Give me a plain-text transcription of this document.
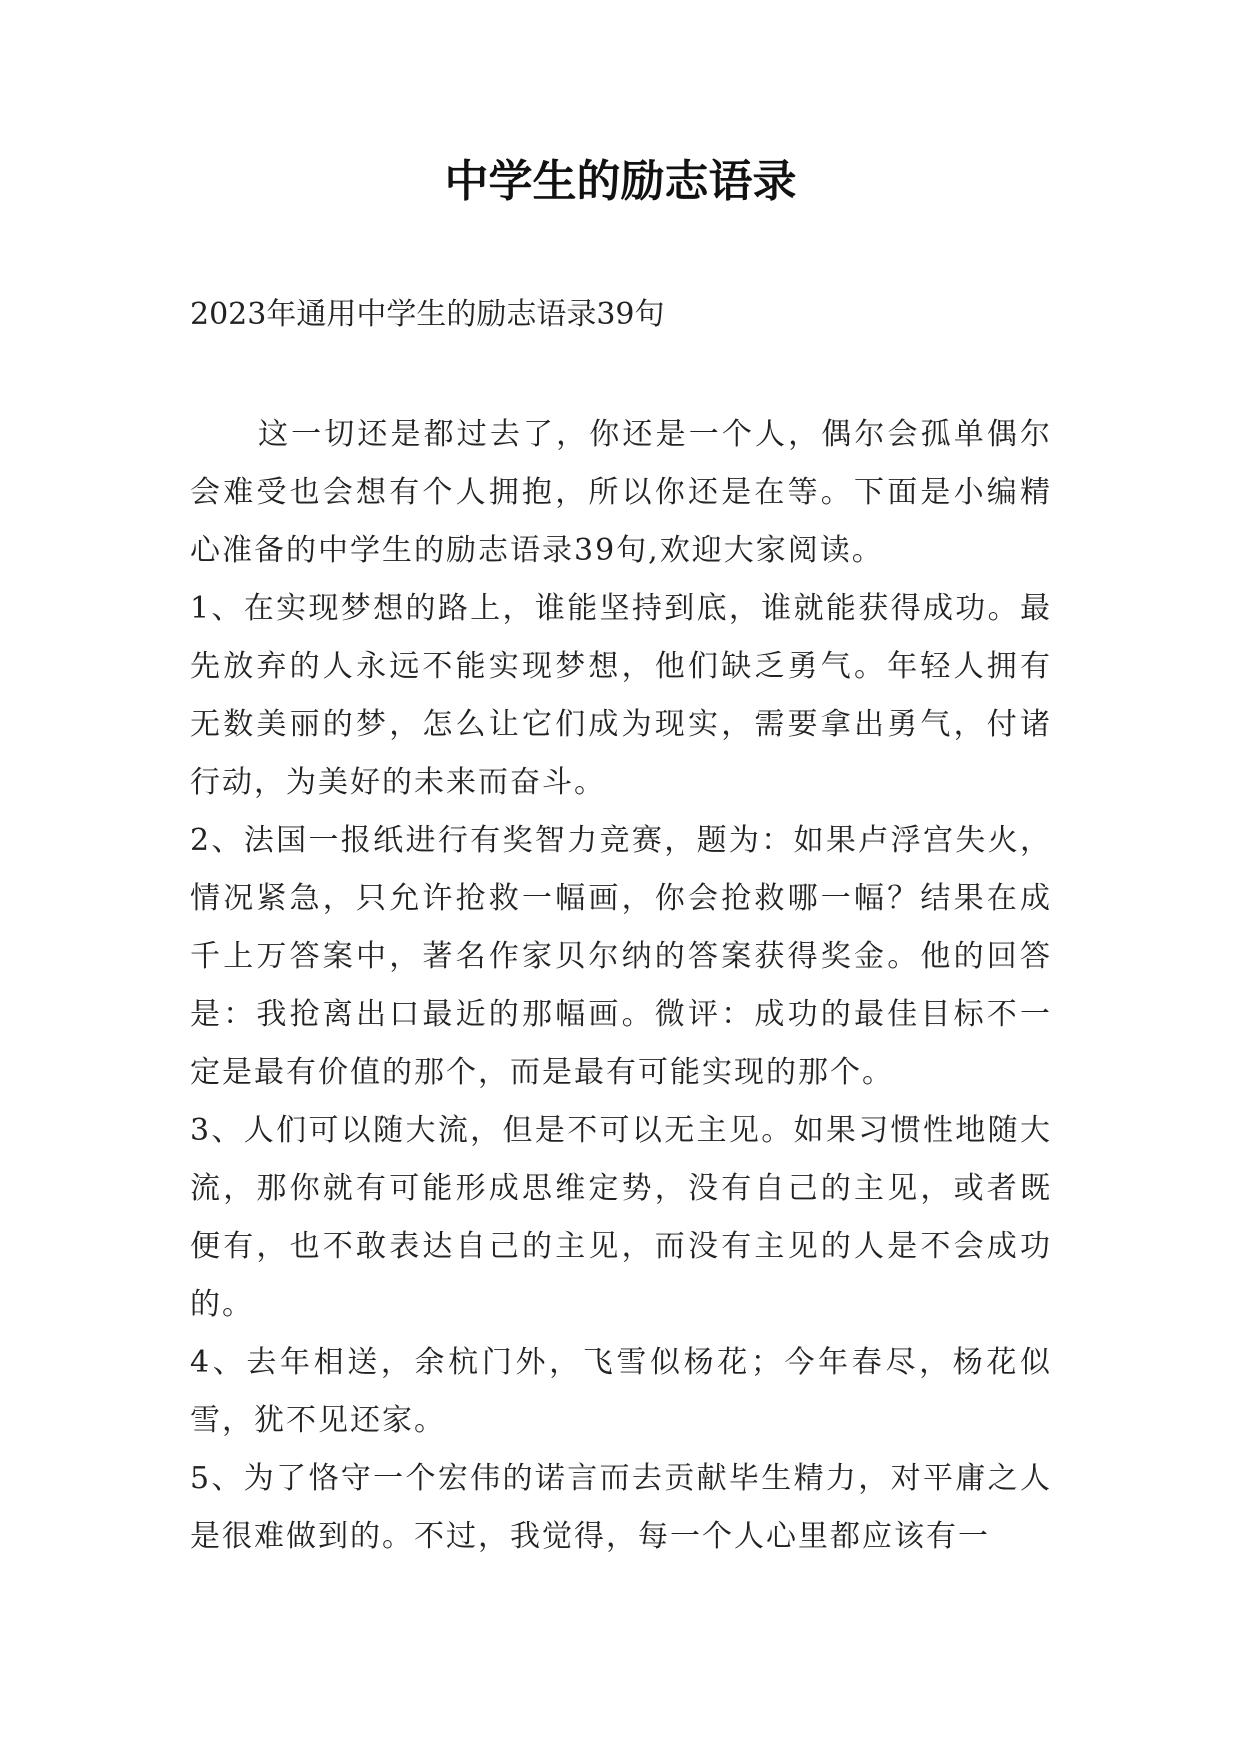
中学生的励志语录

2023年通用中学生的励志语录39句

这一切还是都过去了，你还是一个人，偶尔会孤单偶尔会难受也会想有个人拥抱，所以你还是在等。下面是小编精心准备的中学生的励志语录39句,欢迎大家阅读。

1、在实现梦想的路上，谁能坚持到底，谁就能获得成功。最先放弃的人永远不能实现梦想，他们缺乏勇气。年轻人拥有无数美丽的梦，怎么让它们成为现实，需要拿出勇气，付诸行动，为美好的未来而奋斗。

2、法国一报纸进行有奖智力竞赛，题为：如果卢浮宫失火，情况紧急，只允许抢救一幅画，你会抢救哪一幅？结果在成千上万答案中，著名作家贝尔纳的答案获得奖金。他的回答是：我抢离出口最近的那幅画。微评：成功的最佳目标不一定是最有价值的那个，而是最有可能实现的那个。

3、人们可以随大流，但是不可以无主见。如果习惯性地随大流，那你就有可能形成思维定势，没有自己的主见，或者既便有，也不敢表达自己的主见，而没有主见的人是不会成功的。

4、去年相送，余杭门外，飞雪似杨花；今年春尽，杨花似雪，犹不见还家。

5、为了恪守一个宏伟的诺言而去贡献毕生精力，对平庸之人是很难做到的。不过，我觉得，每一个人心里都应该有一
